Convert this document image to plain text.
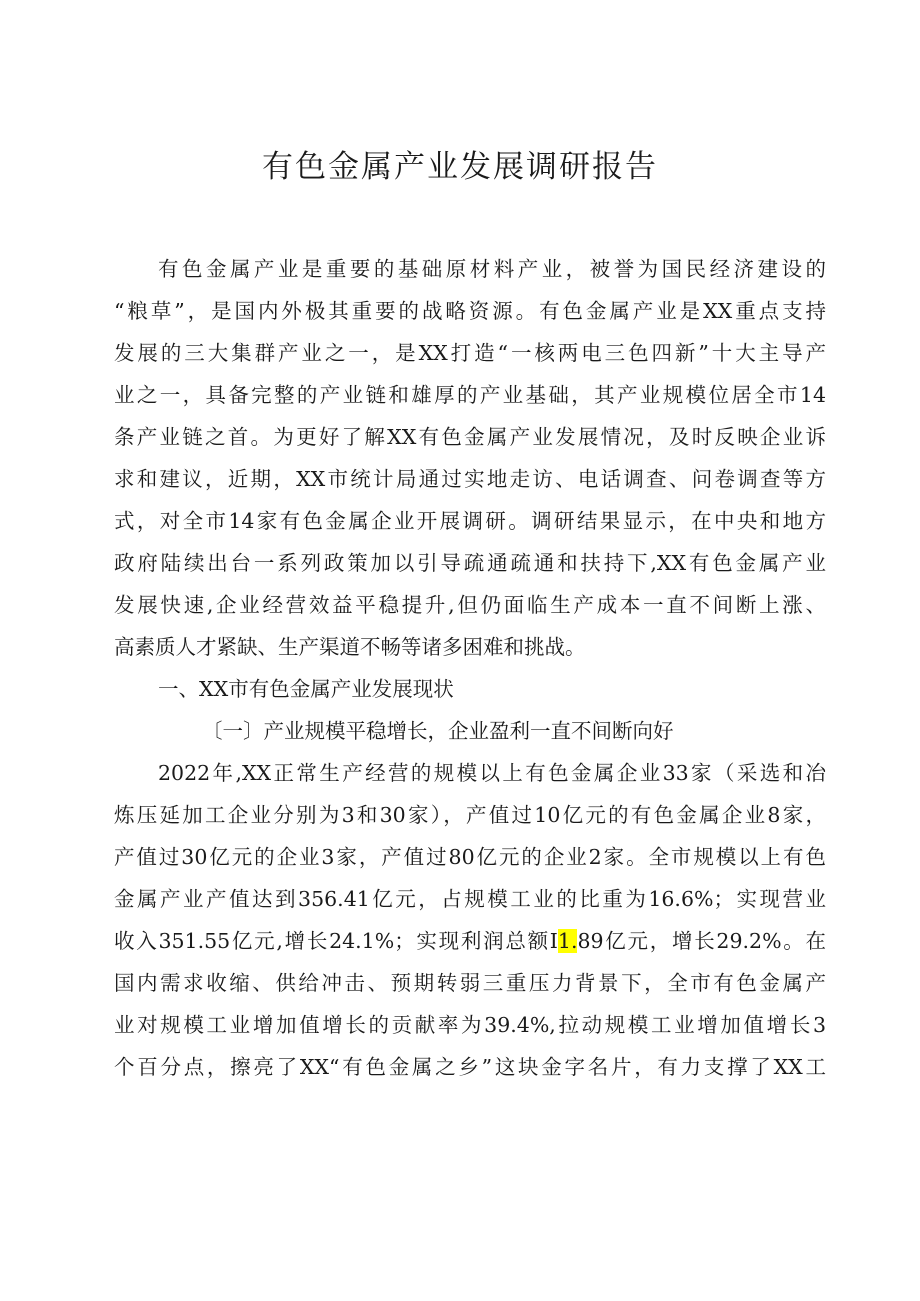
有色金属产业发展调研报告
有色金属产业是重要的基础原材料产业，被誉为国民经济建设的
“粮草”，是国内外极其重要的战略资源。有色金属产业是XX重点支持
发展的三大集群产业之一，是XX打造“一核两电三色四新”十大主导产
业之一，具备完整的产业链和雄厚的产业基础，其产业规模位居全市14
条产业链之首。为更好了解XX有色金属产业发展情况，及时反映企业诉
求和建议，近期，XX市统计局通过实地走访、电话调查、问卷调查等方
式，对全市14家有色金属企业开展调研。调研结果显示，在中央和地方
政府陆续出台一系列政策加以引导疏通疏通和扶持下,XX有色金属产业
发展快速,企业经营效益平稳提升,但仍面临生产成本一直不间断上涨、
高素质人才紧缺、生产渠道不畅等诸多困难和挑战。
一、XX市有色金属产业发展现状
〔一〕产业规模平稳增长，企业盈利一直不间断向好
2022年,XX正常生产经营的规模以上有色金属企业33家（采选和冶
炼压延加工企业分别为3和30家），产值过10亿元的有色金属企业8家，
产值过30亿元的企业3家，产值过80亿元的企业2家。全市规模以上有色
金属产业产值达到356.41亿元，占规模工业的比重为16.6%；实现营业
收入351.55亿元,增长24.1%；实现利润总额I1.89亿元，增长29.2%。在
国内需求收缩、供给冲击、预期转弱三重压力背景下，全市有色金属产
业对规模工业增加值增长的贡献率为39.4%,拉动规模工业增加值增长3
个百分点，擦亮了XX“有色金属之乡”这块金字名片，有力支撑了XX工
